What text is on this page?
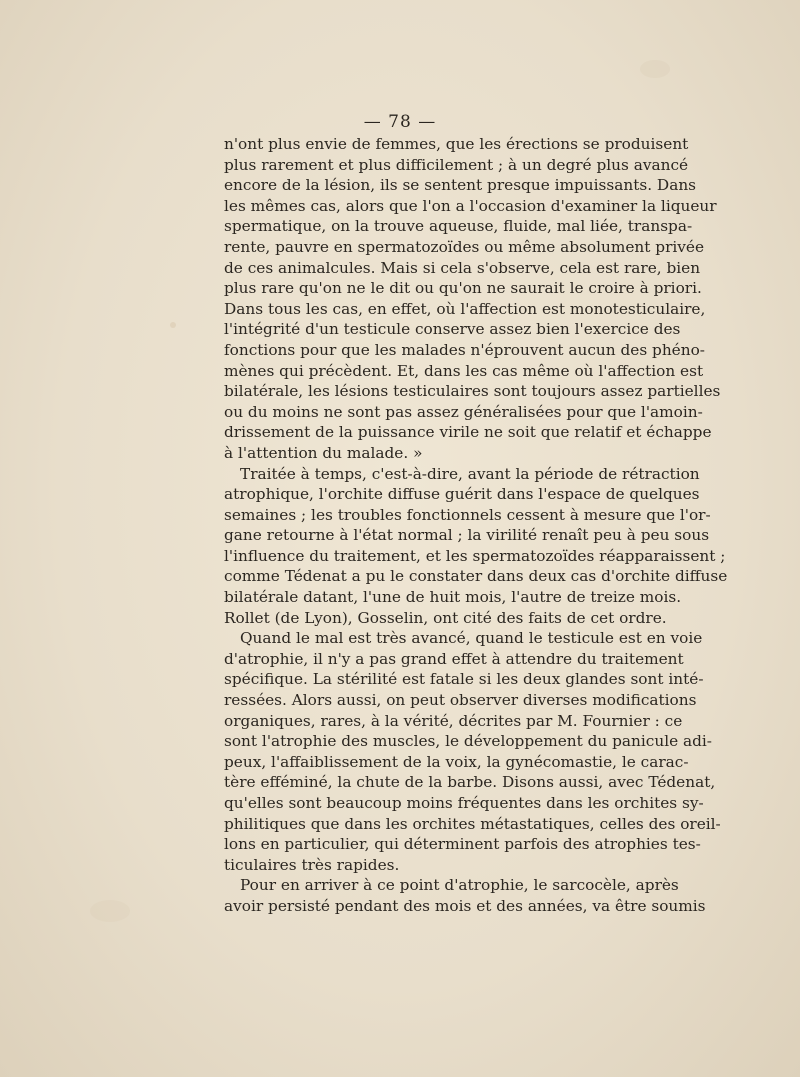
— 78 —
n'ont plus envie de femmes, que les érections se produisent
plus rarement et plus difficilement ; à un degré plus avancé
encore de la lésion, ils se sentent presque impuissants. Dans
les mêmes cas, alors que l'on a l'occasion d'examiner la liqueur
spermatique, on la trouve aqueuse, fluide, mal liée, transpa-
rente, pauvre en spermatozoïdes ou même absolument privée
de ces animalcules. Mais si cela s'observe, cela est rare, bien
plus rare qu'on ne le dit ou qu'on ne saurait le croire à priori.
Dans tous les cas, en effet, où l'affection est monotesticulaire,
l'intégrité d'un testicule conserve assez bien l'exercice des
fonctions pour que les malades n'éprouvent aucun des phéno-
mènes qui précèdent. Et, dans les cas même où l'affection est
bilatérale, les lésions testiculaires sont toujours assez partielles
ou du moins ne sont pas assez généralisées pour que l'amoin-
drissement de la puissance virile ne soit que relatif et échappe
à l'attention du malade. »
Traitée à temps, c'est-à-dire, avant la période de rétraction
atrophique, l'orchite diffuse guérit dans l'espace de quelques
semaines ; les troubles fonctionnels cessent à mesure que l'or-
gane retourne à l'état normal ; la virilité renaît peu à peu sous
l'influence du traitement, et les spermatozoïdes réapparaissent ;
comme Tédenat a pu le constater dans deux cas d'orchite diffuse
bilatérale datant, l'une de huit mois, l'autre de treize mois.
Rollet (de Lyon), Gosselin, ont cité des faits de cet ordre.
Quand le mal est très avancé, quand le testicule est en voie
d'atrophie, il n'y a pas grand effet à attendre du traitement
spécifique. La stérilité est fatale si les deux glandes sont inté-
ressées. Alors aussi, on peut observer diverses modifications
organiques, rares, à la vérité, décrites par M. Fournier : ce
sont l'atrophie des muscles, le développement du panicule adi-
peux, l'affaiblissement de la voix, la gynécomastie, le carac-
tère efféminé, la chute de la barbe. Disons aussi, avec Tédenat,
qu'elles sont beaucoup moins fréquentes dans les orchites sy-
philitiques que dans les orchites métastatiques, celles des oreil-
lons en particulier, qui déterminent parfois des atrophies tes-
ticulaires très rapides.
Pour en arriver à ce point d'atrophie, le sarcocèle, après
avoir persisté pendant des mois et des années, va être soumis
